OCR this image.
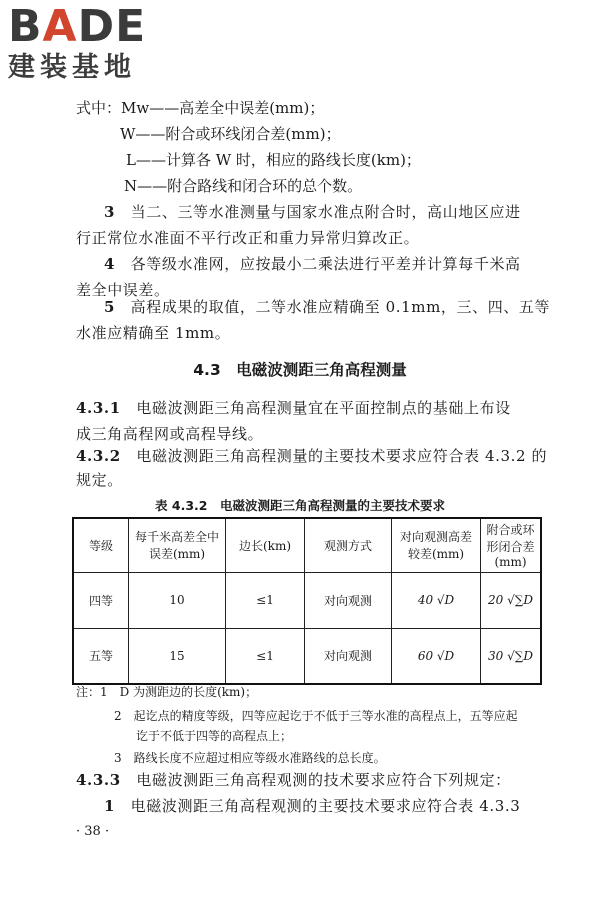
BADE
建装基地
式中：Mᴡ——高差全中误差(mm)；
W——附合或环线闭合差(mm)；
L——计算各 W 时，相应的路线长度(km)；
N——附合路线和闭合环的总个数。
3　 当二、三等水准测量与国家水准点附合时，高山地区应进
行正常位水准面不平行改正和重力异常归算改正。
4　 各等级水准网，应按最小二乘法进行平差并计算每千米高
差全中误差。
5　 高程成果的取值，二等水准应精确至 0.1mm，三、四、五等
水准应精确至 1mm。
4.3　电磁波测距三角高程测量
4.3.1　 电磁波测距三角高程测量宜在平面控制点的基础上布设
成三角高程网或高程导线。
4.3.2　 电磁波测距三角高程测量的主要技术要求应符合表 4.3.2 的
规定。
表 4.3.2　电磁波测距三角高程测量的主要技术要求
等级	每千米高差全中误差(mm)	边长(km)	观测方式	对向观测高差较差(mm)	附合或环形闭合差(mm)
四等	10	≤1	对向观测	40 √D	20 √∑D
五等	15	≤1	对向观测	60 √D	30 √∑D
注：1　D 为测距边的长度(km)；
2　起讫点的精度等级，四等应起讫于不低于三等水准的高程点上，五等应起
讫于不低于四等的高程点上；
3　路线长度不应超过相应等级水准路线的总长度。
4.3.3　 电磁波测距三角高程观测的技术要求应符合下列规定：
1　 电磁波测距三角高程观测的主要技术要求应符合表 4.3.3
· 38 ·
